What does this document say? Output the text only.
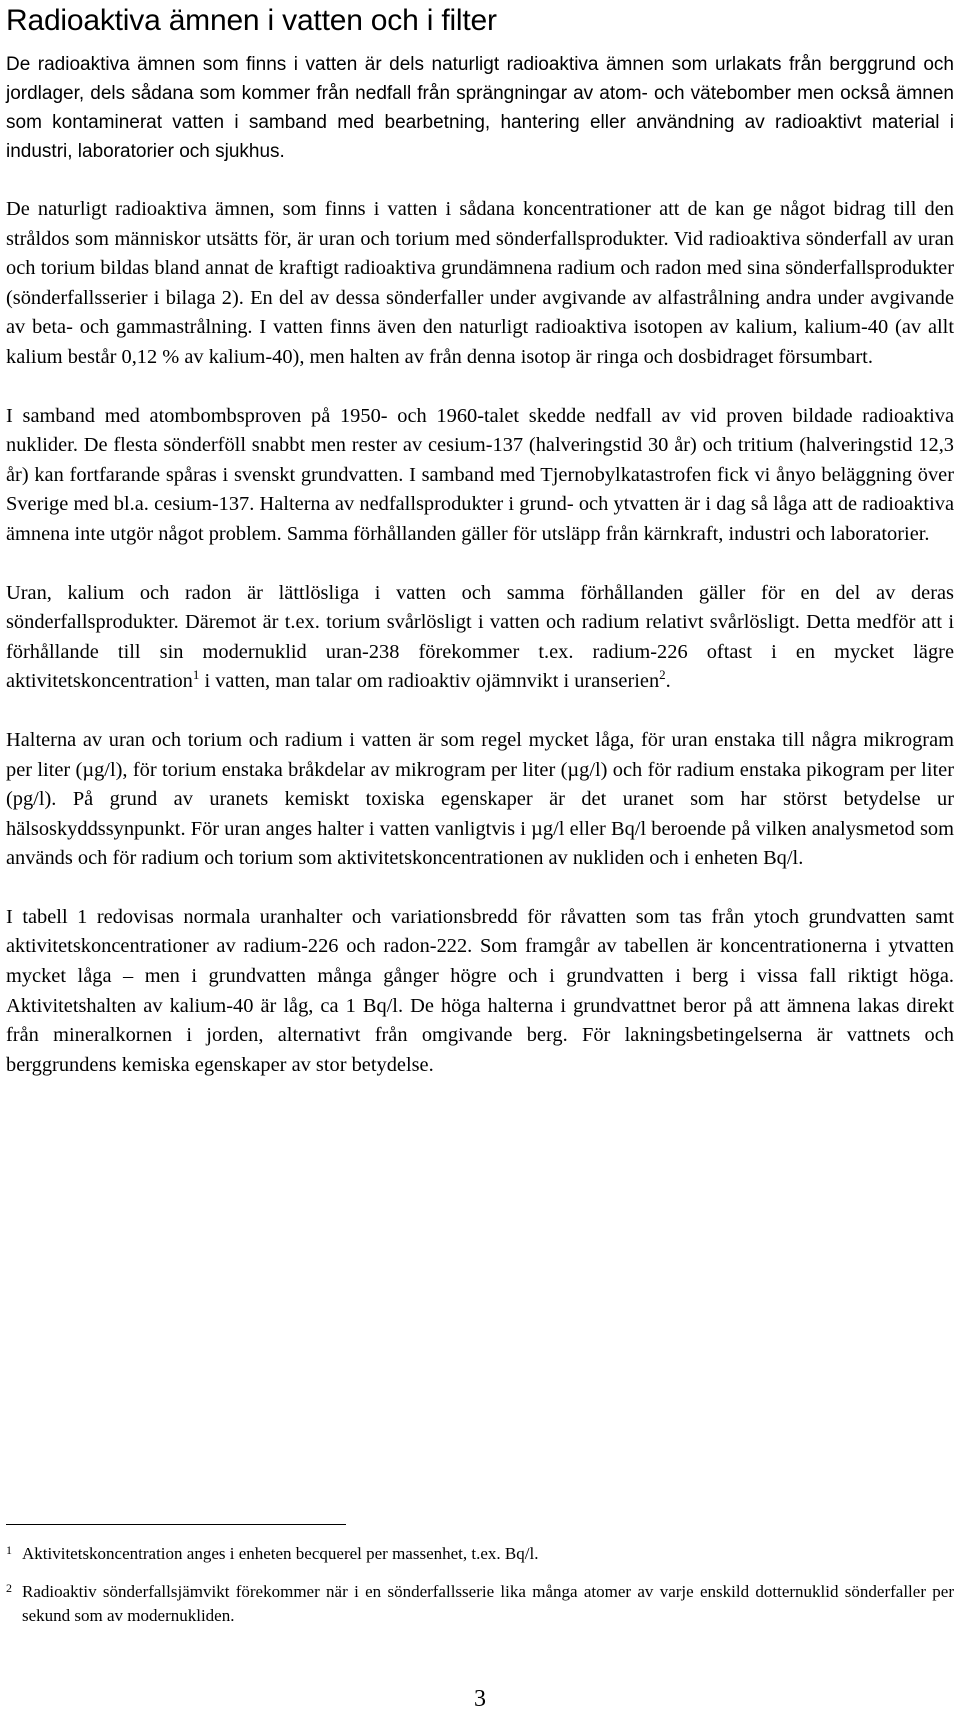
Radioaktiva ämnen i vatten och i filter

De radioaktiva ämnen som finns i vatten är dels naturligt radioaktiva ämnen som urlakats från berggrund och jordlager, dels sådana som kommer från nedfall från sprängningar av atom- och vätebomber men också ämnen som kontaminerat vatten i samband med bearbetning, hantering eller användning av radioaktivt material i industri, laboratorier och sjukhus.

De naturligt radioaktiva ämnen, som finns i vatten i sådana koncentrationer att de kan ge något bidrag till den stråldos som människor utsätts för, är uran och torium med sönderfallsprodukter. Vid radioaktiva sönderfall av uran och torium bildas bland annat de kraftigt radioaktiva grundämnena radium och radon med sina sönderfallsprodukter (sönderfallsserier i bilaga 2). En del av dessa sönderfaller under avgivande av alfastrålning andra under avgivande av beta- och gammastrålning. I vatten finns även den naturligt radioaktiva isotopen av kalium, kalium-40 (av allt kalium består 0,12 % av kalium-40), men halten av från denna isotop är ringa och dosbidraget försumbart.

I samband med atombombsproven på 1950- och 1960-talet skedde nedfall av vid proven bildade radioaktiva nuklider. De flesta sönderföll snabbt men rester av cesium-137 (halveringstid 30 år) och tritium (halveringstid 12,3 år) kan fortfarande spåras i svenskt grundvatten. I samband med Tjernobylkatastrofen fick vi ånyo beläggning över Sverige med bl.a. cesium-137. Halterna av nedfallsprodukter i grund- och ytvatten är i dag så låga att de radioaktiva ämnena inte utgör något problem. Samma förhållanden gäller för utsläpp från kärnkraft, industri och laboratorier.

Uran, kalium och radon är lättlösliga i vatten och samma förhållanden gäller för en del av deras sönderfallsprodukter. Däremot är t.ex. torium svårlösligt i vatten och radium relativt svårlösligt. Detta medför att i förhållande till sin modernuklid uran-238 förekommer t.ex. radium-226 oftast i en mycket lägre aktivitetskoncentration$^1$ i vatten, man talar om radioaktiv ojämnvikt i uranserien$^2$.

Halterna av uran och torium och radium i vatten är som regel mycket låga, för uran enstaka till några mikrogram per liter (µg/l), för torium enstaka bråkdelar av mikrogram per liter (µg/l) och för radium enstaka pikogram per liter (pg/l). På grund av uranets kemiskt toxiska egenskaper är det uranet som har störst betydelse ur hälsoskyddssynpunkt. För uran anges halter i vatten vanligtvis i µg/l eller Bq/l beroende på vilken analysmetod som används och för radium och torium som aktivitetskoncentrationen av nukliden och i enheten Bq/l.

I tabell 1 redovisas normala uranhalter och variationsbredd för råvatten som tas från ytoch grundvatten samt aktivitetskoncentrationer av radium-226 och radon-222. Som framgår av tabellen är koncentrationerna i ytvatten mycket låga – men i grundvatten många gånger högre och i grundvatten i berg i vissa fall riktigt höga. Aktivitetshalten av kalium-40 är låg, ca 1 Bq/l. De höga halterna i grundvattnet beror på att ämnena lakas direkt från mineralkornen i jorden, alternativt från omgivande berg. För lakningsbetingelserna är vattnets och berggrundens kemiska egenskaper av stor betydelse.

1 Aktivitetskoncentration anges i enheten becquerel per massenhet, t.ex. Bq/l.
2 Radioaktiv sönderfallsjämvikt förekommer när i en sönderfallsserie lika många atomer av varje enskild dotternuklid sönderfaller per sekund som av modernukliden.
3
